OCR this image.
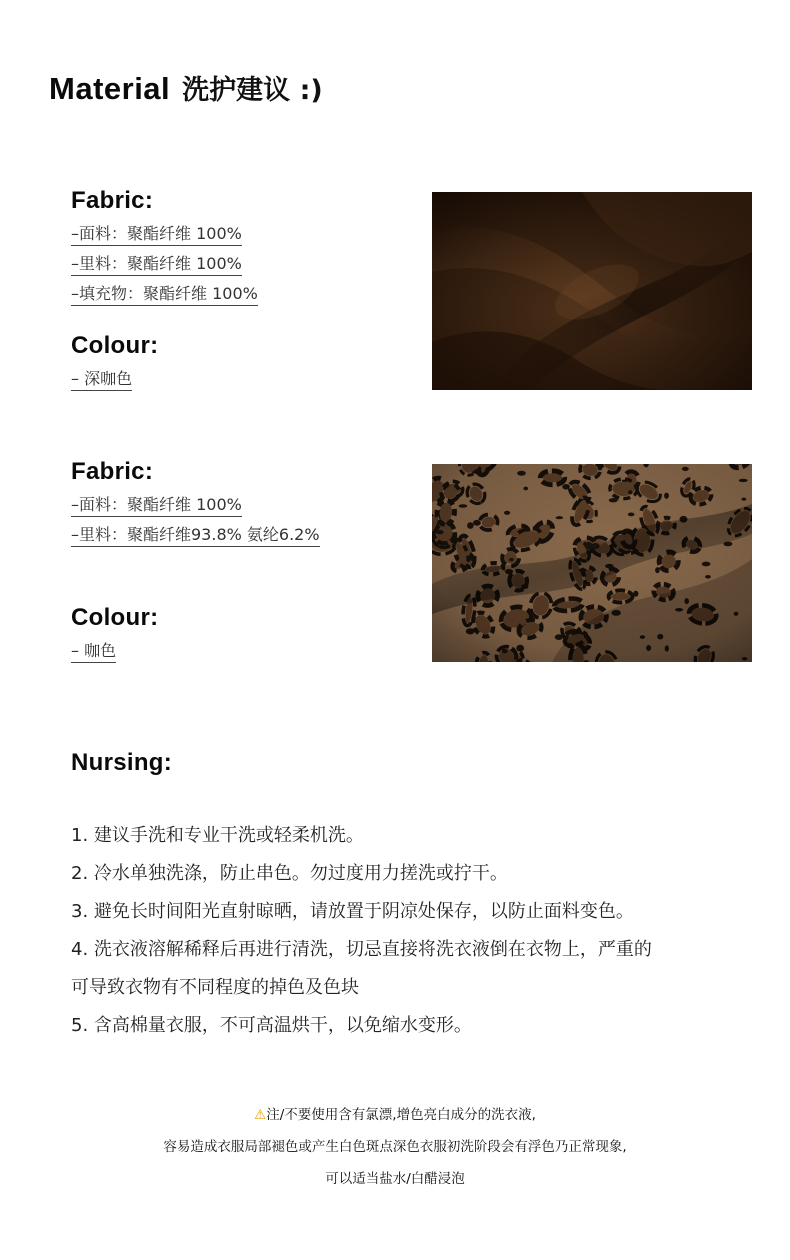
Material 洗护建议 :)
Fabric:
–面料：聚酯纤维 100%
–里料：聚酯纤维 100%
–填充物：聚酯纤维 100%
Colour:
– 深咖色
Fabric:
–面料：聚酯纤维 100%
–里料：聚酯纤维93.8% 氨纶6.2%
Colour:
– 咖色
Nursing:

1. 建议手洗和专业干洗或轻柔机洗。

2. 冷水单独洗涤，防止串色。勿过度用力搓洗或拧干。

3. 避免长时间阳光直射晾晒，请放置于阴凉处保存，以防止面料变色。

4. 洗衣液溶解稀释后再进行清洗，切忌直接将洗衣液倒在衣物上，严重的

可导致衣物有不同程度的掉色及色块

5. 含高棉量衣服，不可高温烘干，以免缩水变形。

⚠注/不要使用含有氯漂,增色亮白成分的洗衣液,

容易造成衣服局部褪色或产生白色斑点深色衣服初洗阶段会有浮色乃正常现象,

可以适当盐水/白醋浸泡
